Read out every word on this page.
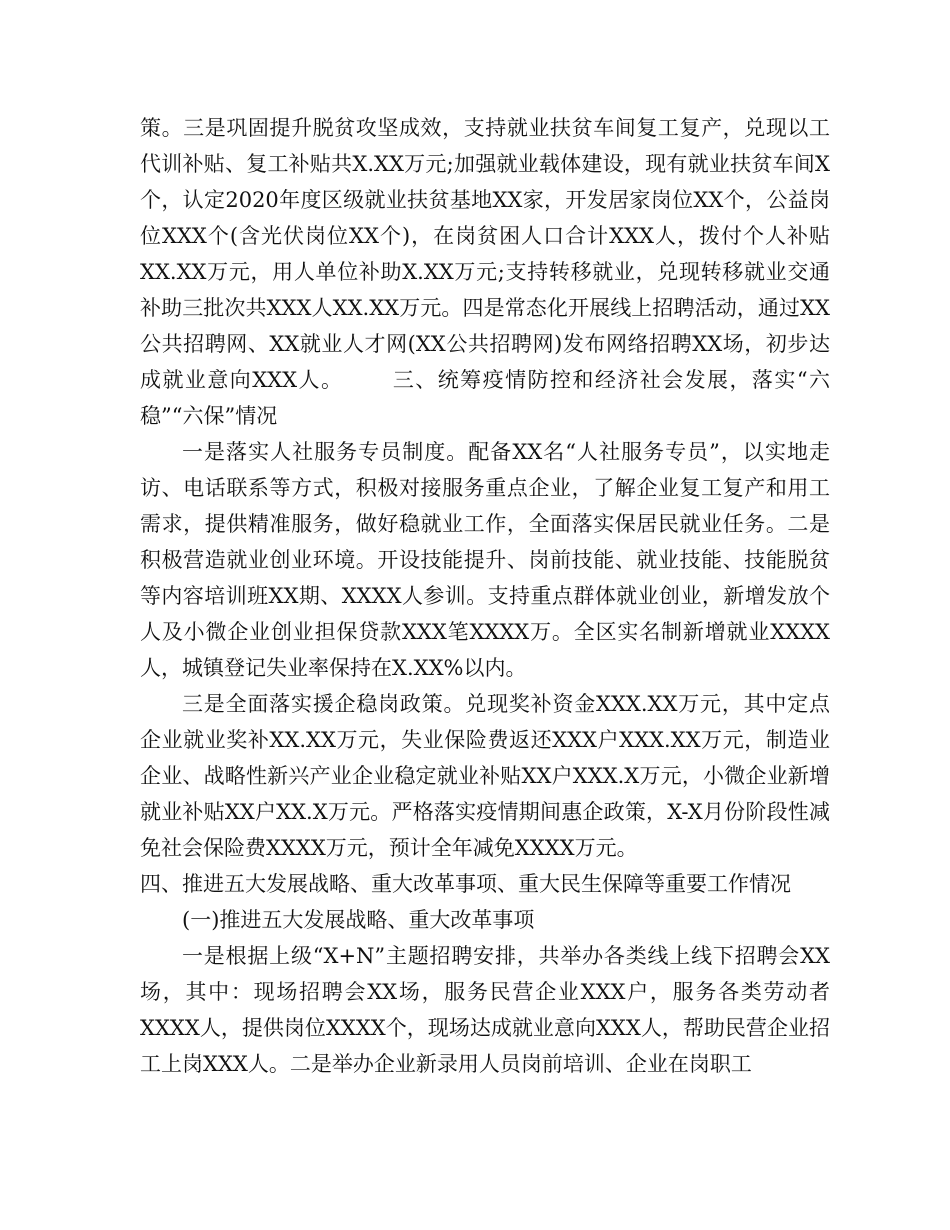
策。三是巩固提升脱贫攻坚成效，支持就业扶贫车间复工复产，兑现以工代训补贴、复工补贴共X.XX万元;加强就业载体建设，现有就业扶贫车间X个，认定2020年度区级就业扶贫基地XX家，开发居家岗位XX个，公益岗位XXX个(含光伏岗位XX个)，在岗贫困人口合计XXX人，拨付个人补贴XX.XX万元，用人单位补助X.XX万元;支持转移就业，兑现转移就业交通补助三批次共XXX人XX.XX万元。四是常态化开展线上招聘活动，通过XX公共招聘网、XX就业人才网(XX公共招聘网)发布网络招聘XX场，初步达成就业意向XXX人。 三、统筹疫情防控和经济社会发展，落实“六稳”“六保”情况

一是落实人社服务专员制度。配备XX名“人社服务专员”，以实地走访、电话联系等方式，积极对接服务重点企业，了解企业复工复产和用工需求，提供精准服务，做好稳就业工作，全面落实保居民就业任务。二是积极营造就业创业环境。开设技能提升、岗前技能、就业技能、技能脱贫等内容培训班XX期、XXXX人参训。支持重点群体就业创业，新增发放个人及小微企业创业担保贷款XXX笔XXXX万。全区实名制新增就业XXXX人，城镇登记失业率保持在X.XX%以内。

三是全面落实援企稳岗政策。兑现奖补资金XXX.XX万元，其中定点企业就业奖补XX.XX万元，失业保险费返还XXX户XXX.XX万元，制造业企业、战略性新兴产业企业稳定就业补贴XX户XXX.X万元，小微企业新增就业补贴XX户XX.X万元。严格落实疫情期间惠企政策，X-X月份阶段性减免社会保险费XXXX万元，预计全年减免XXXX万元。

四、推进五大发展战略、重大改革事项、重大民生保障等重要工作情况

(一)推进五大发展战略、重大改革事项

一是根据上级“X+N”主题招聘安排，共举办各类线上线下招聘会XX场，其中：现场招聘会XX场，服务民营企业XXX户，服务各类劳动者XXXX人，提供岗位XXXX个，现场达成就业意向XXX人，帮助民营企业招工上岗XXX人。二是举办企业新录用人员岗前培训、企业在岗职工
